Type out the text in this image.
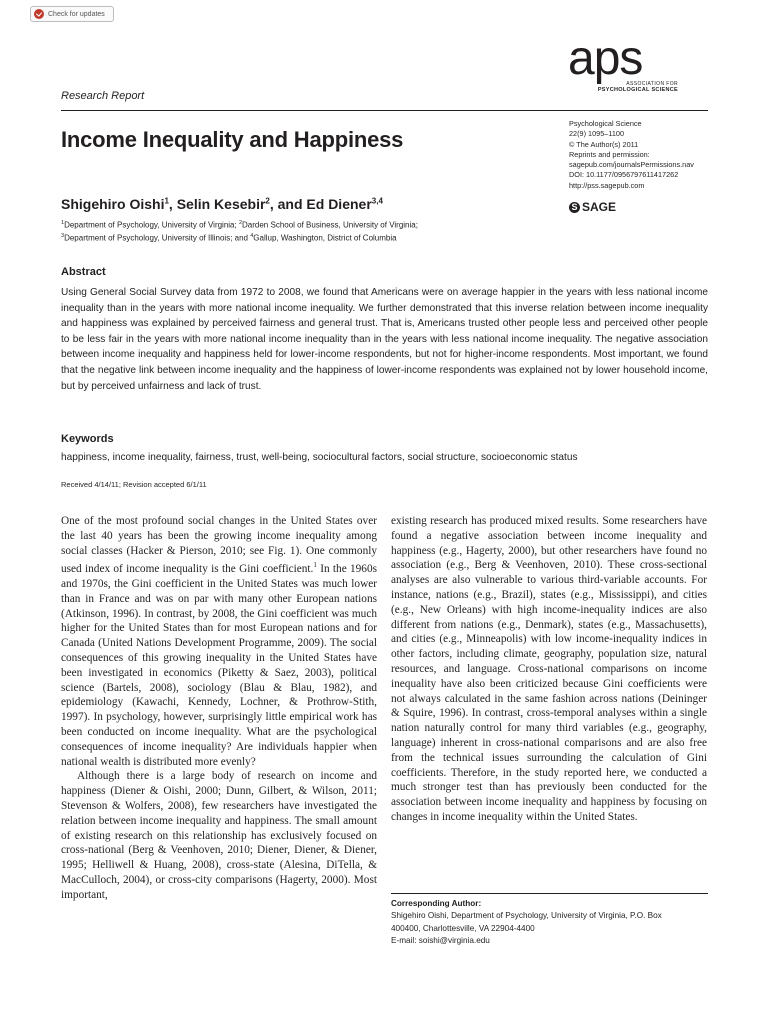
Check for updates
aps
ASSOCIATION FOR
PSYCHOLOGICAL SCIENCE
Research Report
Income Inequality and Happiness
Psychological Science
22(9) 1095–1100
© The Author(s) 2011
Reprints and permission:
sagepub.com/journalsPermissions.nav
DOI: 10.1177/0956797611417262
http://pss.sagepub.com
S SAGE
Shigehiro Oishi$^1$, Selin Kesebir$^2$, and Ed Diener$^{3,4}$
$^1$Department of Psychology, University of Virginia; $^2$Darden School of Business, University of Virginia;
$^3$Department of Psychology, University of Illinois; and $^4$Gallup, Washington, District of Columbia
Abstract
Using General Social Survey data from 1972 to 2008, we found that Americans were on average happier in the years with less national income inequality than in the years with more national income inequality. We further demonstrated that this inverse relation between income inequality and happiness was explained by perceived fairness and general trust. That is, Americans trusted other people less and perceived other people to be less fair in the years with more national income inequality than in the years with less national income inequality. The negative association between income inequality and happiness held for lower-income respondents, but not for higher-income respondents. Most important, we found that the negative link between income inequality and the happiness of lower-income respondents was explained not by lower household income, but by perceived unfairness and lack of trust.
Keywords
happiness, income inequality, fairness, trust, well-being, sociocultural factors, social structure, socioeconomic status
Received 4/14/11; Revision accepted 6/1/11

One of the most profound social changes in the United States over the last 40 years has been the growing income inequality among social classes (Hacker & Pierson, 2010; see Fig. 1). One commonly used index of income inequality is the Gini coefficient.$^1$ In the 1960s and 1970s, the Gini coefficient in the United States was much lower than in France and was on par with many other European nations (Atkinson, 1996). In contrast, by 2008, the Gini coefficient was much higher for the United States than for most European nations and for Canada (United Nations Development Programme, 2009). The social consequences of this growing inequality in the United States have been investigated in economics (Piketty & Saez, 2003), political science (Bartels, 2008), sociology (Blau & Blau, 1982), and epidemiology (Kawachi, Kennedy, Lochner, & Prothrow-Stith, 1997). In psychology, however, surprisingly little empirical work has been conducted on income inequality. What are the psychological consequences of income inequality? Are individuals happier when national wealth is distributed more evenly?

Although there is a large body of research on income and happiness (Diener & Oishi, 2000; Dunn, Gilbert, & Wilson, 2011; Stevenson & Wolfers, 2008), few researchers have investigated the relation between income inequality and happiness. The small amount of existing research on this relationship has exclusively focused on cross-national (Berg & Veenhoven, 2010; Diener, Diener, & Diener, 1995; Helliwell & Huang, 2008), cross-state (Alesina, DiTella, & MacCulloch, 2004), or cross-city comparisons (Hagerty, 2000). Most important,

existing research has produced mixed results. Some researchers have found a negative association between income inequality and happiness (e.g., Hagerty, 2000), but other researchers have found no association (e.g., Berg & Veenhoven, 2010). These cross-sectional analyses are also vulnerable to various third-variable accounts. For instance, nations (e.g., Brazil), states (e.g., Mississippi), and cities (e.g., New Orleans) with high income-inequality indices are also different from nations (e.g., Denmark), states (e.g., Massachusetts), and cities (e.g., Minneapolis) with low income-inequality indices in other factors, including climate, geography, population size, natural resources, and language. Cross-national comparisons on income inequality have also been criticized because Gini coefficients were not always calculated in the same fashion across nations (Deininger & Squire, 1996). In contrast, cross-temporal analyses within a single nation naturally control for many third variables (e.g., geography, language) inherent in cross-national comparisons and are also free from the technical issues surrounding the calculation of Gini coefficients. Therefore, in the study reported here, we conducted a much stronger test than has previously been conducted for the association between income inequality and happiness by focusing on changes in income inequality within the United States.

Corresponding Author:
Shigehiro Oishi, Department of Psychology, University of Virginia, P.O. Box
400400, Charlottesville, VA 22904-4400
E-mail: soishi@virginia.edu
